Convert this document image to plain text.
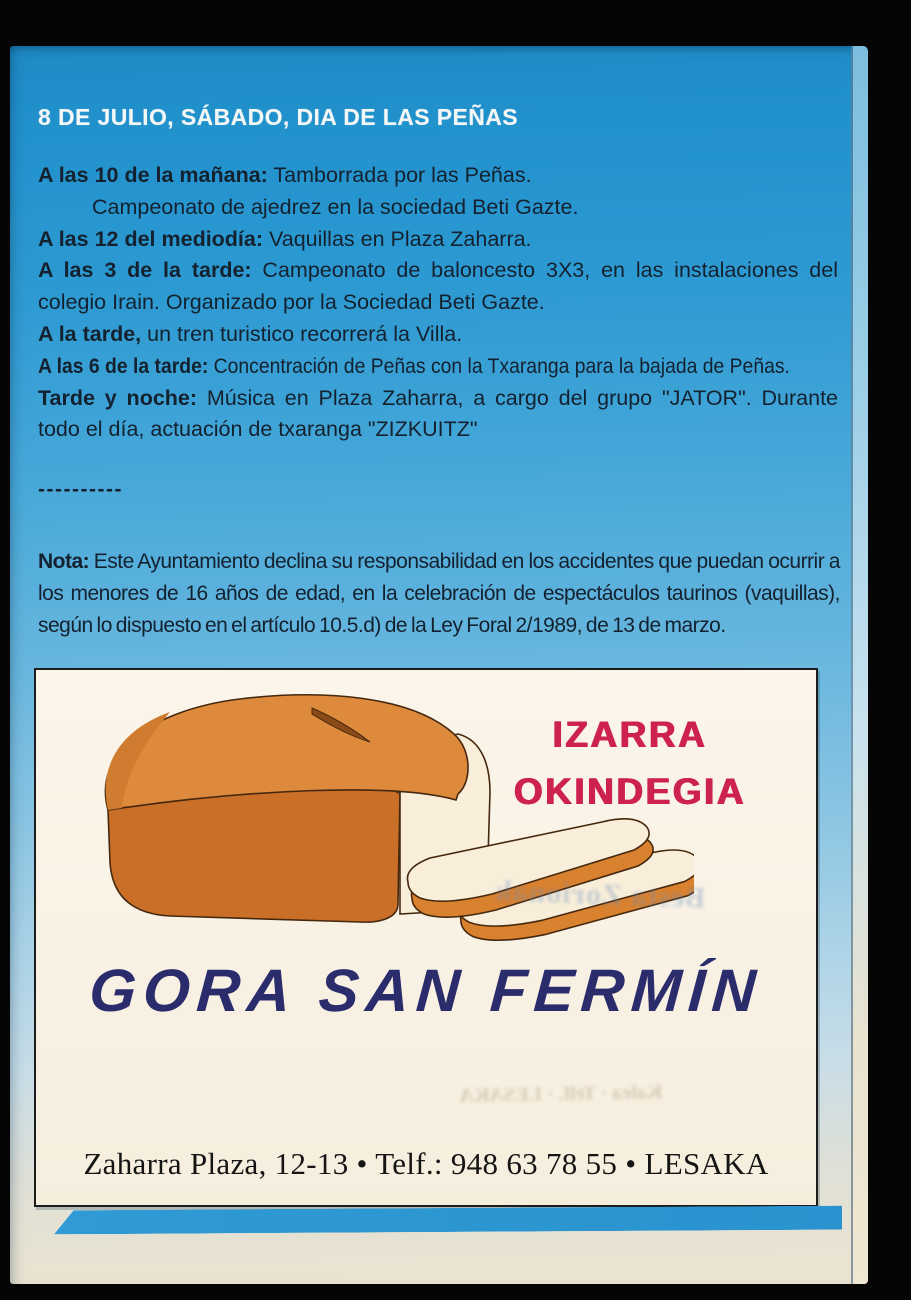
8 DE JULIO, SÁBADO, DIA DE LAS PEÑAS

A las 10 de la mañana: Tamborrada por las Peñas.

Campeonato de ajedrez en la sociedad Beti Gazte.

A las 12 del mediodía: Vaquillas en Plaza Zaharra.

A las 3 de la tarde: Campeonato de baloncesto 3X3, en las instalaciones del colegio Irain. Organizado por la Sociedad Beti Gazte.

A la tarde, un tren turistico recorrerá la Villa.

A las 6 de la tarde: Concentración de Peñas con la Txaranga para la bajada de Peñas.

Tarde y noche: Música en Plaza Zaharra, a cargo del grupo "JATOR". Durante todo el día, actuación de txaranga "ZIZKUITZ"

----------

Nota: Este Ayuntamiento declina su responsabilidad en los accidentes que puedan ocurrir a los menores de 16 años de edad, en la celebración de espectáculos taurinos (vaquillas), según lo dispuesto en el artículo 10.5.d) de la Ley Foral 2/1989, de 13 de marzo.

IZARRA
OKINDEGIA
Besta Zorionak
GORA SAN FERMÍN
Kalea · Telf. · LESAKA
Zaharra Plaza, 12-13 • Telf.: 948 63 78 55 • LESAKA
